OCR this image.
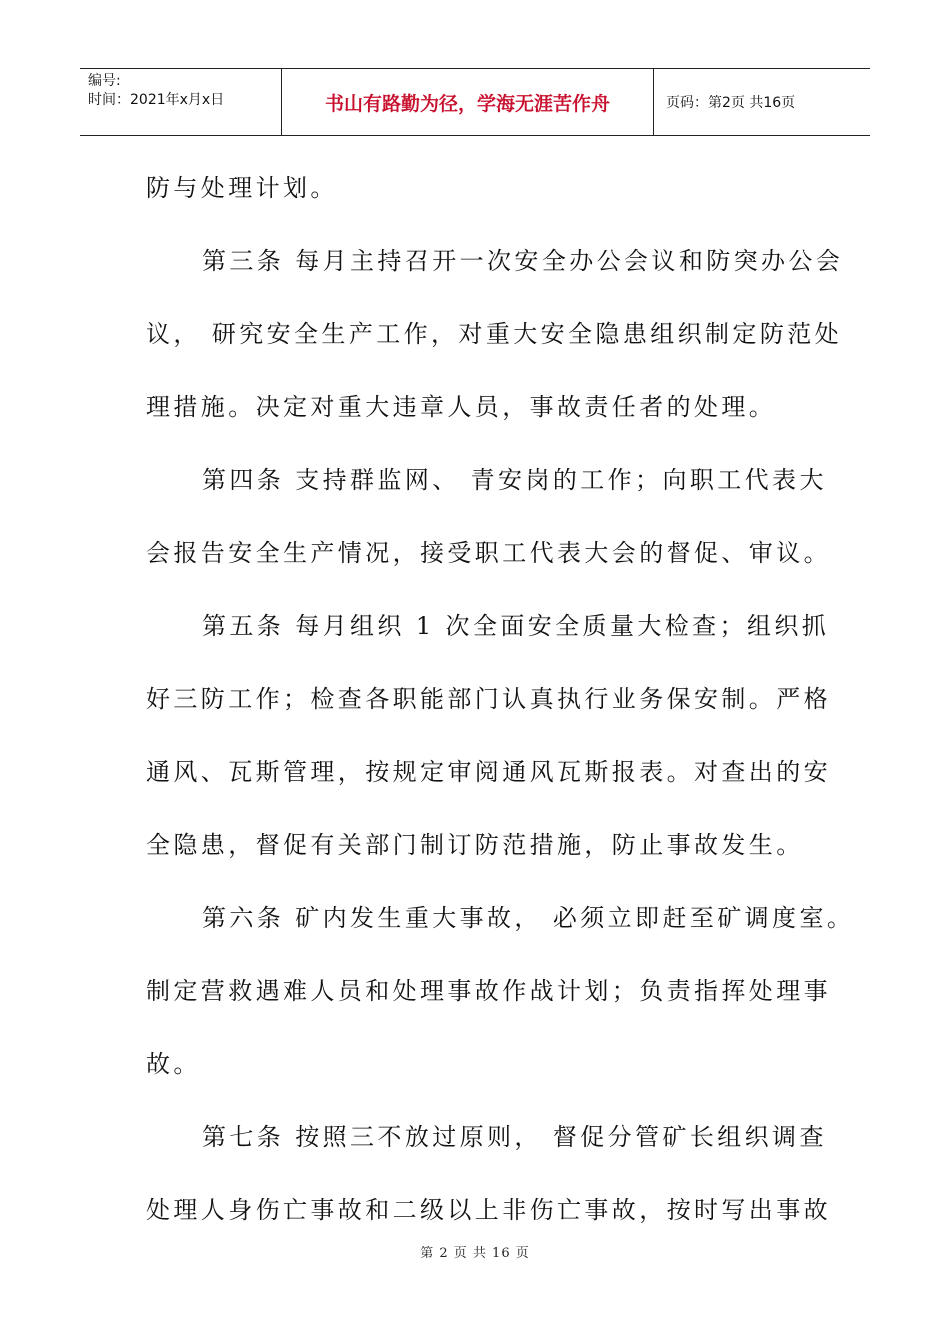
编号:
时间：2021年x月x日	书山有路勤为径，学海无涯苦作舟	页码：第2页 共16页
防与处理计划。
第三条 每月主持召开一次安全办公会议和防突办公会
议， 研究安全生产工作，对重大安全隐患组织制定防范处
理措施。决定对重大违章人员，事故责任者的处理。
第四条 支持群监网、 青安岗的工作；向职工代表大
会报告安全生产情况，接受职工代表大会的督促、审议。
第五条 每月组织 1 次全面安全质量大检查；组织抓
好三防工作；检查各职能部门认真执行业务保安制。严格
通风、瓦斯管理，按规定审阅通风瓦斯报表。对查出的安
全隐患，督促有关部门制订防范措施，防止事故发生。
第六条 矿内发生重大事故， 必须立即赶至矿调度室。
制定营救遇难人员和处理事故作战计划；负责指挥处理事
故。
第七条 按照三不放过原则， 督促分管矿长组织调查
处理人身伤亡事故和二级以上非伤亡事故，按时写出事故
第 2 页 共 16 页
